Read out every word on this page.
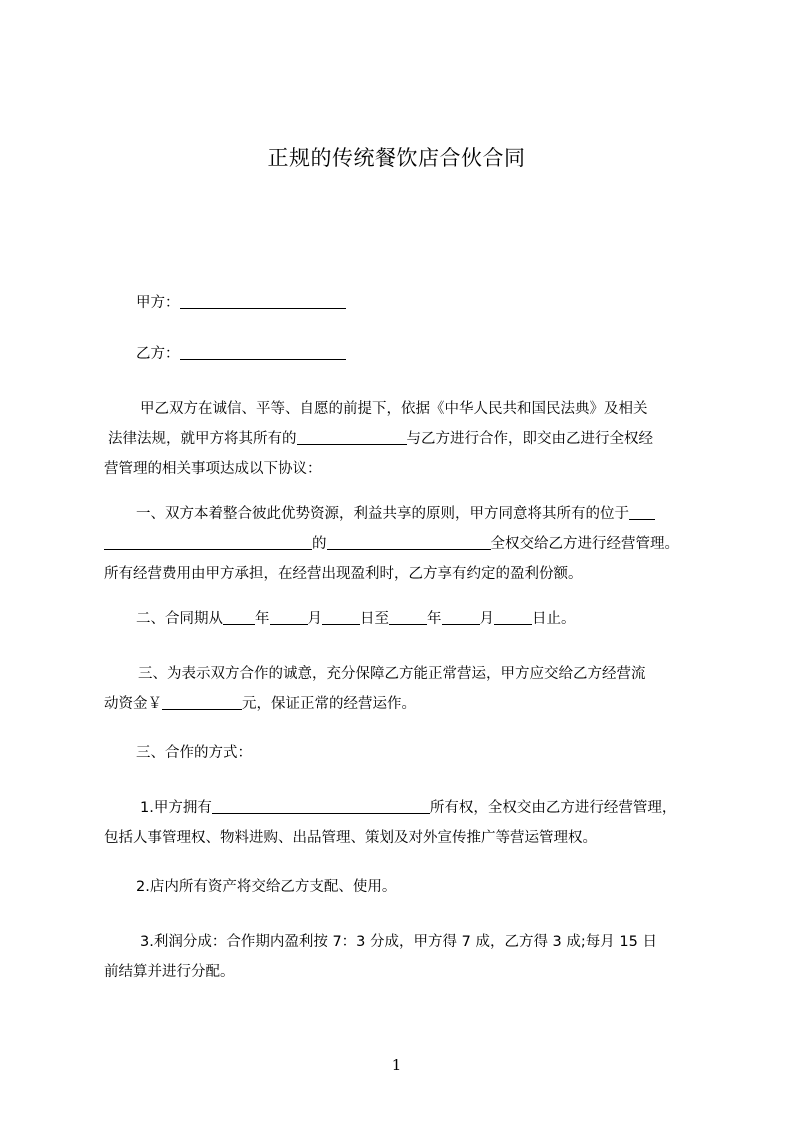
正规的传统餐饮店合伙合同
甲方：
乙方：
甲乙双方在诚信、平等、自愿的前提下，依据《中华人民共和国民法典》及相关
法律法规，就甲方将其所有的	与乙方进行合作，即交由乙进行全权经
营管理的相关事项达成以下协议：
一、双方本着整合彼此优势资源，利益共享的原则，甲方同意将其所有的位于
的	全权交给乙方进行经营管理。
所有经营费用由甲方承担，在经营出现盈利时，乙方享有约定的盈利份额。
二、合同期从 年	月	日至	年	月	日止。
三、为表示双方合作的诚意，充分保障乙方能正常营运，甲方应交给乙方经营流
动资金￥	元，保证正常的经营运作。
三、合作的方式：
1.甲方拥有	所有权，全权交由乙方进行经营管理，
包括人事管理权、物料进购、出品管理、策划及对外宣传推广等营运管理权。
2.店内所有资产将交给乙方支配、使用。
3.利润分成：合作期内盈利按 7：3 分成，甲方得 7 成，乙方得 3 成;每月 15 日
前结算并进行分配。
1
